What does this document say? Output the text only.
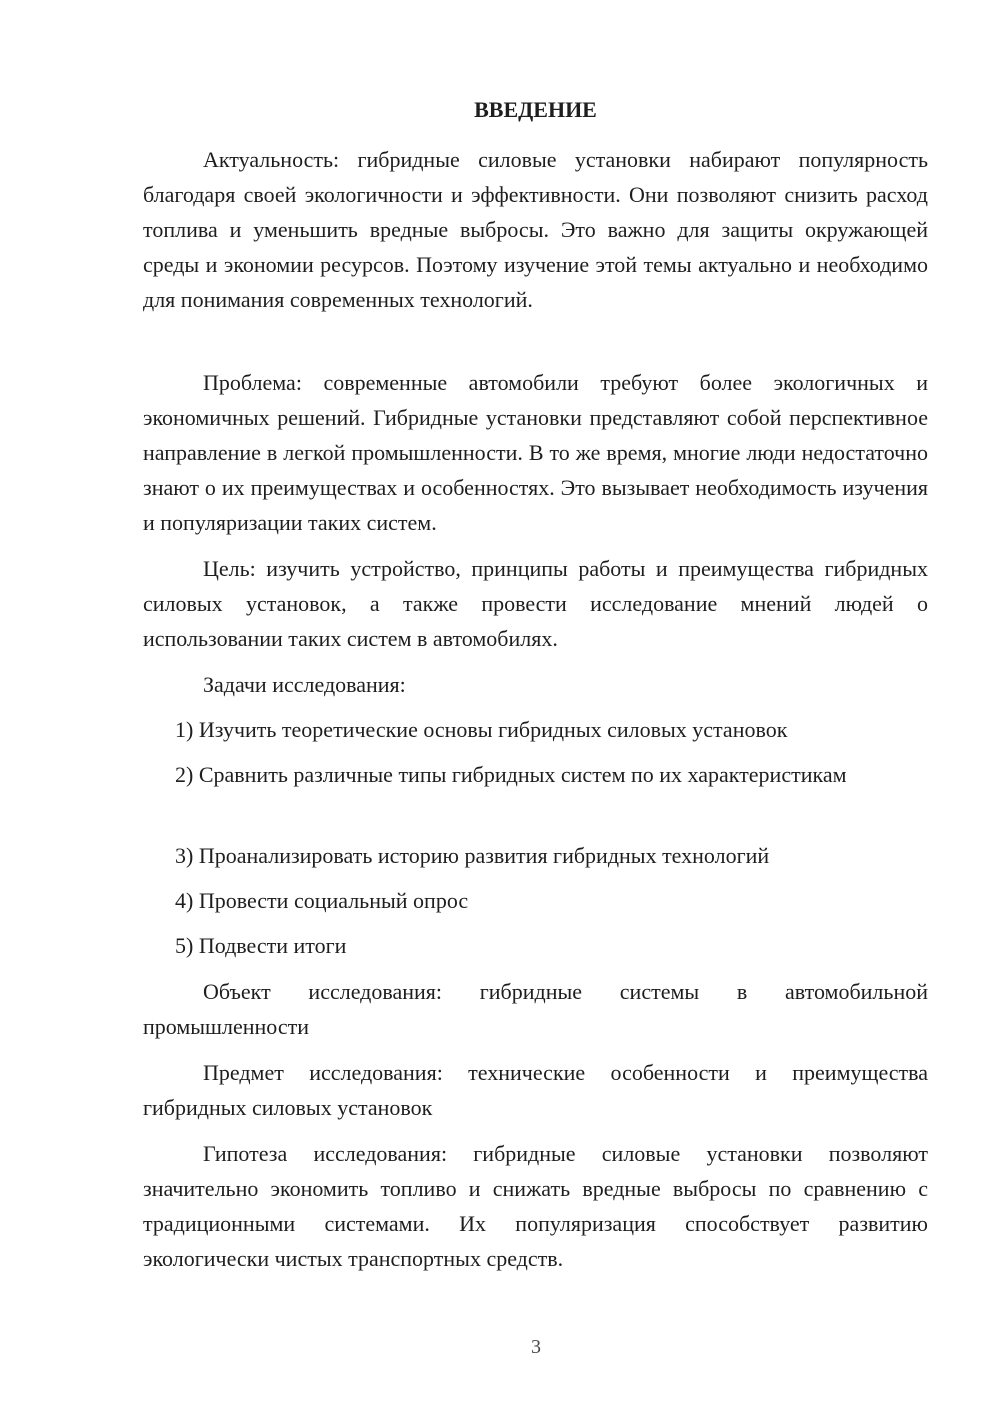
ВВЕДЕНИЕ

Актуальность: гибридные силовые установки набирают популярность благодаря своей экологичности и эффективности. Они позволяют снизить расход топлива и уменьшить вредные выбросы. Это важно для защиты окружающей среды и экономии ресурсов. Поэтому изучение этой темы актуально и необходимо для понимания современных технологий.

Проблема: современные автомобили требуют более экологичных и экономичных решений. Гибридные установки представляют собой перспективное направление в легкой промышленности. В то же время, многие люди недостаточно знают о их преимуществах и особенностях. Это вызывает необходимость изучения и популяризации таких систем.

Цель: изучить устройство, принципы работы и преимущества гибридных силовых установок, а также провести исследование мнений людей о использовании таких систем в автомобилях.

Задачи исследования:

1) Изучить теоретические основы гибридных силовых установок

2) Сравнить различные типы гибридных систем по их характеристикам

3) Проанализировать историю развития гибридных технологий

4) Провести социальный опрос

5) Подвести итоги

Объект исследования: гибридные системы в автомобильной промышленности

Предмет исследования: технические особенности и преимущества гибридных силовых установок

Гипотеза исследования: гибридные силовые установки позволяют значительно экономить топливо и снижать вредные выбросы по сравнению с традиционными системами. Их популяризация способствует развитию экологически чистых транспортных средств.

3
